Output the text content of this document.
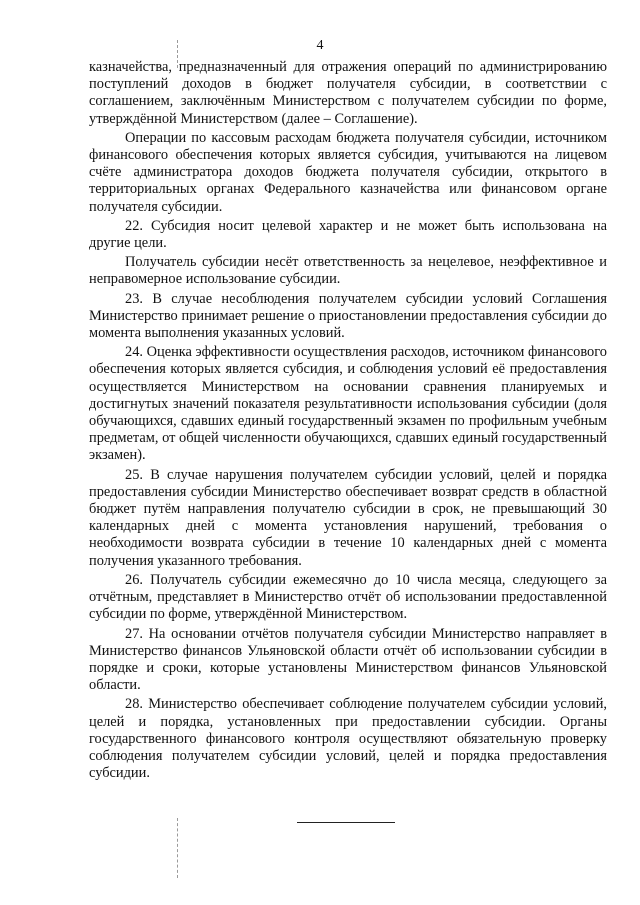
4

казначейства, предназначенный для отражения операций по администрированию поступлений доходов в бюджет получателя субсидии, в соответствии с соглашением, заключённым Министерством с получателем субсидии по форме, утверждённой Министерством (далее – Соглашение).

Операции по кассовым расходам бюджета получателя субсидии, источником финансового обеспечения которых является субсидия, учитываются на лицевом счёте администратора доходов бюджета получателя субсидии, открытого в территориальных органах Федерального казначейства или финансовом органе получателя субсидии.

22. Субсидия носит целевой характер и не может быть использована на другие цели.

Получатель субсидии несёт ответственность за нецелевое, неэффективное и неправомерное использование субсидии.

23. В случае несоблюдения получателем субсидии условий Соглашения Министерство принимает решение о приостановлении предоставления субсидии до момента выполнения указанных условий.

24. Оценка эффективности осуществления расходов, источником финансового обеспечения которых является субсидия, и соблюдения условий её предоставления осуществляется Министерством на основании сравнения планируемых и достигнутых значений показателя результативности использования субсидии (доля обучающихся, сдавших единый государственный экзамен по профильным учебным предметам, от общей численности обучающихся, сдавших единый государственный экзамен).

25. В случае нарушения получателем субсидии условий, целей и порядка предоставления субсидии Министерство обеспечивает возврат средств в областной бюджет путём направления получателю субсидии в срок, не превышающий 30 календарных дней с момента установления нарушений, требования о необходимости возврата субсидии в течение 10 календарных дней с момента получения указанного требования.

26. Получатель субсидии ежемесячно до 10 числа месяца, следующего за отчётным, представляет в Министерство отчёт об использовании предоставленной субсидии по форме, утверждённой Министерством.

27. На основании отчётов получателя субсидии Министерство направляет в Министерство финансов Ульяновской области отчёт об использовании субсидии в порядке и сроки, которые установлены Министерством финансов Ульяновской области.

28. Министерство обеспечивает соблюдение получателем субсидии условий, целей и порядка, установленных при предоставлении субсидии. Органы государственного финансового контроля осуществляют обязательную проверку соблюдения получателем субсидии условий, целей и порядка предоставления субсидии.
